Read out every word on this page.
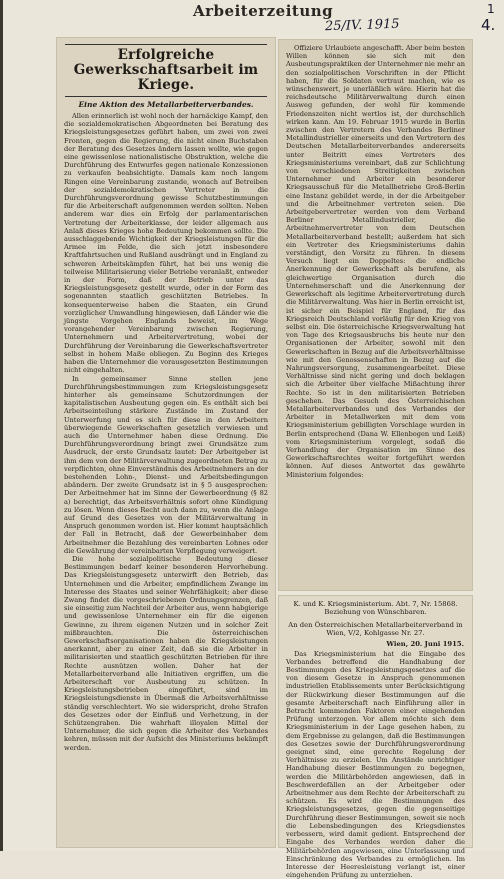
1
Arbeiterzeitung
25/IV. 1915	4.
Erfolgreiche Gewerkschaftsarbeit im Kriege.
Eine Aktion des Metallarbeiterverbandes.

Allen erinnerlich ist wohl noch der harnäckige Kampf, den die sozialdemokratischen Abgeordneten bei Beratung des Kriegsleistungsgesetzes geführt haben, um zwei von zwei Fronten, gegen die Regierung, die nicht einen Buchstaben der Beratung des Gesetzes ändern lassen wollte, wie gegen eine gewissenlose nationalistische Obstruktion, welche die Durchführung des Entwurfes gegen nationale Konzessionen zu verkaufen beabsichtigte. Damals kam noch langem Ringen eine Vereinbarung zustande, wonach auf Betreiben der sozialdemokratischen Vertreter in die Durchführungsverordnung gewisse Schutzbestimmungen für die Arbeiterschaft aufgenommen werden sollten. Neben anderem war dies ein Erfolg der parlamentarischen Vertretung der Arbeiterklasse, der leider allgemach aus Anlaß dieses Krieges hohe Bedeutung bekommen sollte. Die ausschlaggebende Wichtigkeit der Kriegsleistungen für die Armee im Felde, die sich jetzt insbesondere Kraftfahrtsuchen und Rußland ausdrängt und in England zu schweren Arbeitskämpfen führt, hat bei uns wenig die teilweise Militarisierung vieler Betriebe veranlaßt, entweder in der Form, daß der Betrieb unter das Kriegsleistungsgesetz gestellt wurde, oder in der Form des sogenannten staatlich geschützten Betriebes. In konsequenterweise haben die Staaten, ein Grund vorzüglicher Umwandlung hingewiesen, daß Länder wie die jüngste Vorgehen Englands beweist, im Wege vorangehender Vereinbarung zwischen Regierung, Unternehmern und Arbeitervertretung, wobei der Durchführung der Vereinbarung die Gewerkschaftsvertreter selbst in hohem Maße obliegen. Zu Beginn des Krieges haben die Unternehmer die vorausgesetzten Bestimmungen nicht eingehalten.

In gemeinsamer Sinne stellen jene Durchführungsbestimmungen zum Kriegsleistungsgesetz hinterher als gemeinsame Schutzordnungen der kapitalistischen Ausbeutung gegen ein. Es enthält sich bei Arbeitseinteilung stärkere Zustände im Zustand der Unterwerfung und es sich für diese in den Arbeitern überwiegende Gewerkschaften gesetzlich verwiesen und auch die Unternehmer haben diese Ordnung. Die Durchführungsverordnung bringt zwei Grundsätze zum Ausdruck, der erste Grundsatz lautet: Der Arbeitgeber ist ihm dem von der Militärverwaltung zugeordneten Betrag zu verpflichten, ohne Einverständnis des Arbeitnehmers an der bestehenden Lohn-, Dienst- und Arbeitsbedingungen abändern. Der zweite Grundsatz ist in § 5 ausgesprochen: Der Arbeitnehmer hat im Sinne der Gewerbeordnung (§ 82 a) berechtigt, das Arbeitsverhältnis sofort ohne Kündigung zu lösen. Wenn dieses Recht auch dann zu, wenn die Anlage auf Grund des Gesetzes von der Militärverwaltung in Anspruch genommen worden ist. Hier kommt hauptsächlich der Fall in Betracht, daß der Gewerbeinhaber dem Arbeitnehmer die Bezahlung des vereinbarten Lohnes oder die Gewährung der vereinbarten Verpflegung verweigert.

Die hohe sozialpolitische Bedeutung dieser Bestimmungen bedarf keiner besonderen Hervorhebung. Das Kriegsleistungsgesetz unterwirft den Betrieb, das Unternehmen und die Arbeiter, empfindlichem Zwange im Interesse des Staates und seiner Wehrfähigkeit; aber diese Zwang findet die vorgeschriebenen Ordnungsgrenzen, daß sie einseitig zum Nachteil der Arbeiter aus, wenn habgierige und gewissenlose Unternehmer ein für die eigenen Gewinne, zu ihrem eigenen Nutzen und in solcher Zeit mißbrauchten. Die österreichischen Gewerkschaftsorganisationen haben die Kriegsleistungen anerkannt, aber zu einer Zeit, daß sie die Arbeiter in militarisierten und staatlich geschützten Betrieben für ihre Rechte ausnützen wollen. Daher hat der Metallarbeiterverband alle Initiativen ergriffen, um die Arbeiterschaft vor Ausbeutung zu schützen. In Kriegsleistungsbetrieben eingeführt, sind im Kriegsleistungsdienste in Übermaß die Arbeitsverhältnisse ständig verschlechtert. Wo sie widerspricht, drohe Strafen des Gesetzes oder der Einfluß und Verhetzung, in der Schützengraben. Die wahrhaft illoyalen Mittel der Unternehmer, die sich gegen die Arbeiter des Verbandes kehren, müssen mit der Aufsicht des Ministeriums bekämpft werden.

Offiziere Urlaubiete angeschafft. Aber beim besten Willen können sie sich mit den Ausbeutungspraktiken der Unternehmer nie mehr an den sozialpolitischen Vorschriften in der Pflicht haben, für die Soldaten vertraut machen, wie es wünschenswert, je unerläßlich wäre. Hierin hat die reichsdeutsche Militärverwaltung durch einen Ausweg gefunden, der wohl für kommende Friedenszeiten nicht wertlos ist, der durchschlich wirken kann. Am 19. Februar 1915 wurde in Berlin zwischen den Vertretern des Verbandes Berliner Metallindustrieller einerseits und den Vertretern des Deutschen Metallarbeiterverbandes andererseits unter Beitritt eines Vertreters des Kriegsministeriums vereinbart, daß zur Schlichtung von verschiedenen Streitigkeiten zwischen Unternehmer und Arbeiter ein besonderer Kriegsausschuß für die Metallbetriebe Groß-Berlin eine Instanz gebildet werde, in der die Arbeitgeber und die Arbeitnehmer vertreten seien. Die Arbeitgebervertreter werden von dem Verband Berliner Metallindustrieller, die Arbeitnehmervertreter von dem Deutschen Metallarbeiterverband bestellt; außerdem hat sich ein Vertreter des Kriegsministeriums dahin verständigt, den Vorsitz zu führen. In diesem Versuch liegt ein Doppeltes: die endliche Anerkennung der Gewerkschaft als berufene, als gleichwertige Organisation durch die Unternehmerschaft und die Anerkennung der Gewerkschaft als legitime Arbeitervertretung durch die Militärverwaltung. Was hier in Berlin erreicht ist, ist sicher ein Beispiel für England, für das Kriegsreich Deutschland vorläufig für den Krieg von selbst ein. Die österreichische Kriegsverwaltung hat von Tage des Kriegsausbruchs bis heute nur den Organisationen der Arbeiter, sowohl mit den Gewerkschaften in Bezug auf die Arbeitsverhältnisse wie mit den Genossenschaften in Bezug auf die Nahrungsversorgung, zusammengearbeitet. Diese Verhältnisse sind nicht gering und doch beklagen sich die Arbeiter über vielfache Mißachtung ihrer Rechte. So ist in den militarisierten Betrieben geschehen. Das Gesuch des Österreichischen Metallarbeiterverbandes und des Verbandes der Arbeiter in Metallwerken mit dem vom Kriegsministerium gebilligten Vorschlage wurden in Berlin entsprechend (Dana W. Ellenbogen und Leiß) vom Kriegsministerium vorgelegt, sodaß die Verhandlung der Organisation im Sinne des Gewerkschaftsrechtes weiter fortgeführt werden können. Auf dieses Antwortet das gewährte Ministerium folgendes:

K. und K. Kriegsministerium. Abt. 7, Nr. 15868. Beziehung von Wünschbaren.
An den Österreichischen Metallarbeiterverband in Wien, V/2, Kohlgasse Nr. 27.
Wien, 20. Juni 1915.

Das Kriegsministerium hat die Eingabe des Verbandes betreffend die Handhabung der Bestimmungen des Kriegsleistungsgesetzes auf die von diesem Gesetze in Anspruch genommenen industriellen Etablissements unter Berücksichtigung der Rückwirkung dieser Bestimmungen auf die gesamte Arbeiterschaft nach Einführung aller in Betracht kommenden Faktoren einer eingehenden Prüfung unterzogen. Vor allem möchte sich dem Kriegsministerium in der Lage gesehen haben, zu dem Ergebnisse zu gelangen, daß die Bestimmungen des Gesetzes sowie der Durchführungsverordnung geeignet sind, eine gerechte Regelung der Verhältnisse zu erzielen. Um Anstände unrichtiger Handhabung dieser Bestimmungen zu begegnen, werden die Militärbehörden angewiesen, daß in Beschwerdefällen an der Arbeitgeber oder Arbeitnehmer aus dem Rechte der Arbeiterschaft zu schützen. Es wird die Bestimmungen des Kriegsleistungsgesetzes, gegen die gegenseitige Durchführung dieser Bestimmungen, soweit sie noch die Lebensbedingungen des Kriegsdienstes verbessern, wird damit gedient. Entsprechend der Eingabe des Verbandes werden daher die Militärbehörden angewiesen, eine Unterlassung und Einschränkung des Verbandes zu ermöglichen. Im Interesse der Heeresleistung verlangt ist, einer eingehenden Prüfung zu unterziehen.
